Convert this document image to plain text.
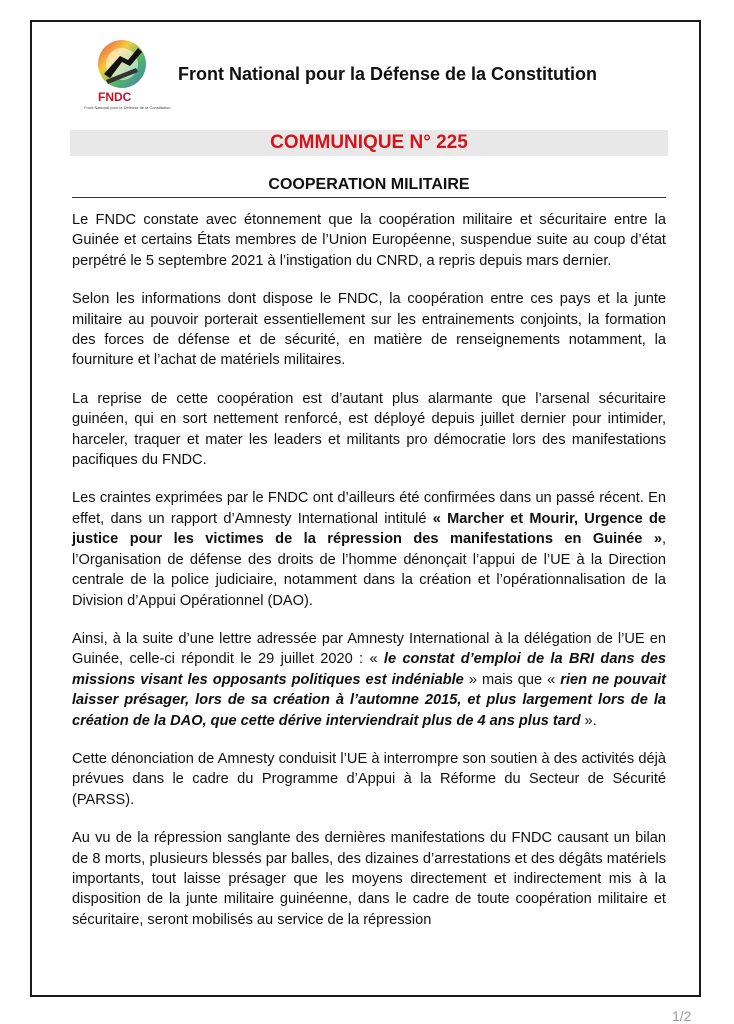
FNDC
Front National pour la Défense de la Constitution
Front National pour la Défense de la Constitution
COMMUNIQUE N° 225
COOPERATION MILITAIRE

Le FNDC constate avec étonnement que la coopération militaire et sécuritaire entre la Guinée et certains États membres de l’Union Européenne, suspendue suite au coup d’état perpétré le 5 septembre 2021 à l’instigation du CNRD, a repris depuis mars dernier.

Selon les informations dont dispose le FNDC, la coopération entre ces pays et la junte militaire au pouvoir porterait essentiellement sur les entrainements conjoints, la formation des forces de défense et de sécurité, en matière de renseignements notamment, la fourniture et l’achat de matériels militaires.

La reprise de cette coopération est d’autant plus alarmante que l’arsenal sécuritaire guinéen, qui en sort nettement renforcé, est déployé depuis juillet dernier pour intimider, harceler, traquer et mater les leaders et militants pro démocratie lors des manifestations pacifiques du FNDC.

Les craintes exprimées par le FNDC ont d’ailleurs été confirmées dans un passé récent. En effet, dans un rapport d’Amnesty International intitulé « Marcher et Mourir, Urgence de justice pour les victimes de la répression des manifestations en Guinée », l’Organisation de défense des droits de l’homme dénonçait l’appui de l’UE à la Direction centrale de la police judiciaire, notamment dans la création et l’opérationnalisation de la Division d’Appui Opérationnel (DAO).

Ainsi, à la suite d’une lettre adressée par Amnesty International à la délégation de l’UE en Guinée, celle-ci répondit le 29 juillet 2020 : « le constat d’emploi de la BRI dans des missions visant les opposants politiques est indéniable » mais que « rien ne pouvait laisser présager, lors de sa création à l’automne 2015, et plus largement lors de la création de la DAO, que cette dérive interviendrait plus de 4 ans plus tard ».

Cette dénonciation de Amnesty conduisit l’UE à interrompre son soutien à des activités déjà prévues dans le cadre du Programme d’Appui à la Réforme du Secteur de Sécurité (PARSS).

Au vu de la répression sanglante des dernières manifestations du FNDC causant un bilan de 8 morts, plusieurs blessés par balles, des dizaines d’arrestations et des dégâts matériels importants, tout laisse présager que les moyens directement et indirectement mis à la disposition de la junte militaire guinéenne, dans le cadre de toute coopération militaire et sécuritaire, seront mobilisés au service de la répression

1/2
